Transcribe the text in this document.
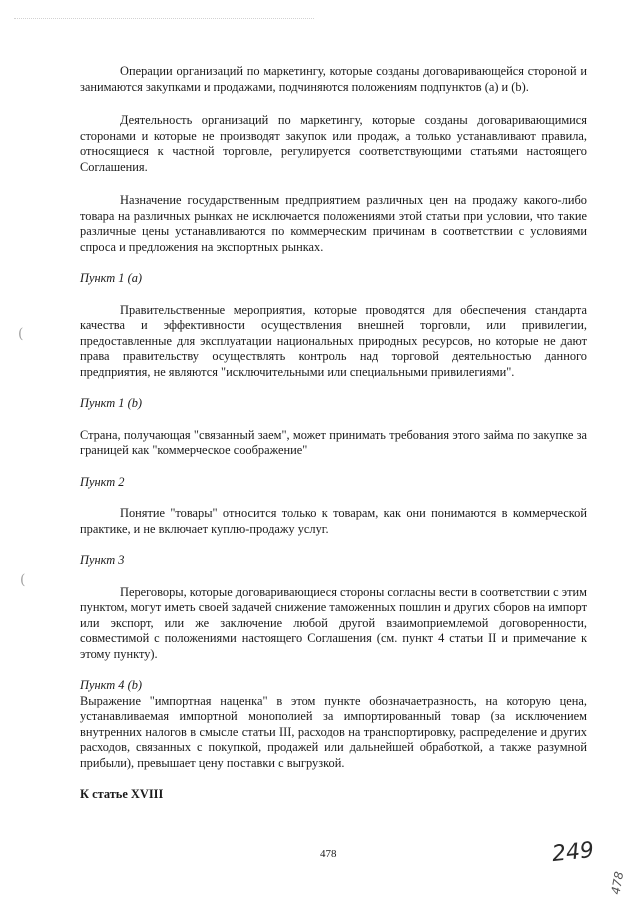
(
(

Операции организаций по маркетингу, которые созданы договаривающейся стороной и занимаются закупками и продажами, подчиняются положениям подпунктов (а) и (b).

Деятельность организаций по маркетингу, которые созданы договаривающимися сторонами и которые не производят закупок или продаж, а только устанавливают правила, относящиеся к частной торговле, регулируется соответствующими статьями настоящего Соглашения.

Назначение государственным предприятием различных цен на продажу какого-либо товара на различных рынках не исключается положениями этой статьи при условии, что такие различные цены устанавливаются по коммерческим причинам в соответствии с условиями спроса и предложения на экспортных рынках.

Пункт 1 (а)

Правительственные мероприятия, которые проводятся для обеспечения стандарта качества и эффективности осуществления внешней торговли, или привилегии, предоставленные для эксплуатации национальных природных ресурсов, но которые не дают права правительству осуществлять контроль над торговой деятельностью данного предприятия, не являются "исключительными или специальными привилегиями".

Пункт 1 (b)

Страна, получающая "связанный заем", может принимать требования этого займа по закупке за границей как "коммерческое соображение"

Пункт 2

Понятие "товары" относится только к товарам, как они понимаются в коммерческой практике, и не включает куплю-продажу услуг.

Пункт 3

Переговоры, которые договаривающиеся стороны согласны вести в соответствии с этим пунктом, могут иметь своей задачей снижение таможенных пошлин и других сборов на импорт или экспорт, или же заключение любой другой взаимоприемлемой договоренности, совместимой с положениями настоящего Соглашения (см. пункт 4 статьи II и примечание к этому пункту).

Пункт 4 (b)

Выражение "импортная наценка" в этом пункте обозначаетразность, на которую цена, устанавливаемая импортной монополией за импортированный товар (за исключением внутренних налогов в смысле статьи III, расходов на транспортировку, распределение и других расходов, связанных с покупкой, продажей или дальнейшей обработкой, а также разумной прибыли), превышает цену поставки с выгрузкой.

К статье XVIII

478	249
478
